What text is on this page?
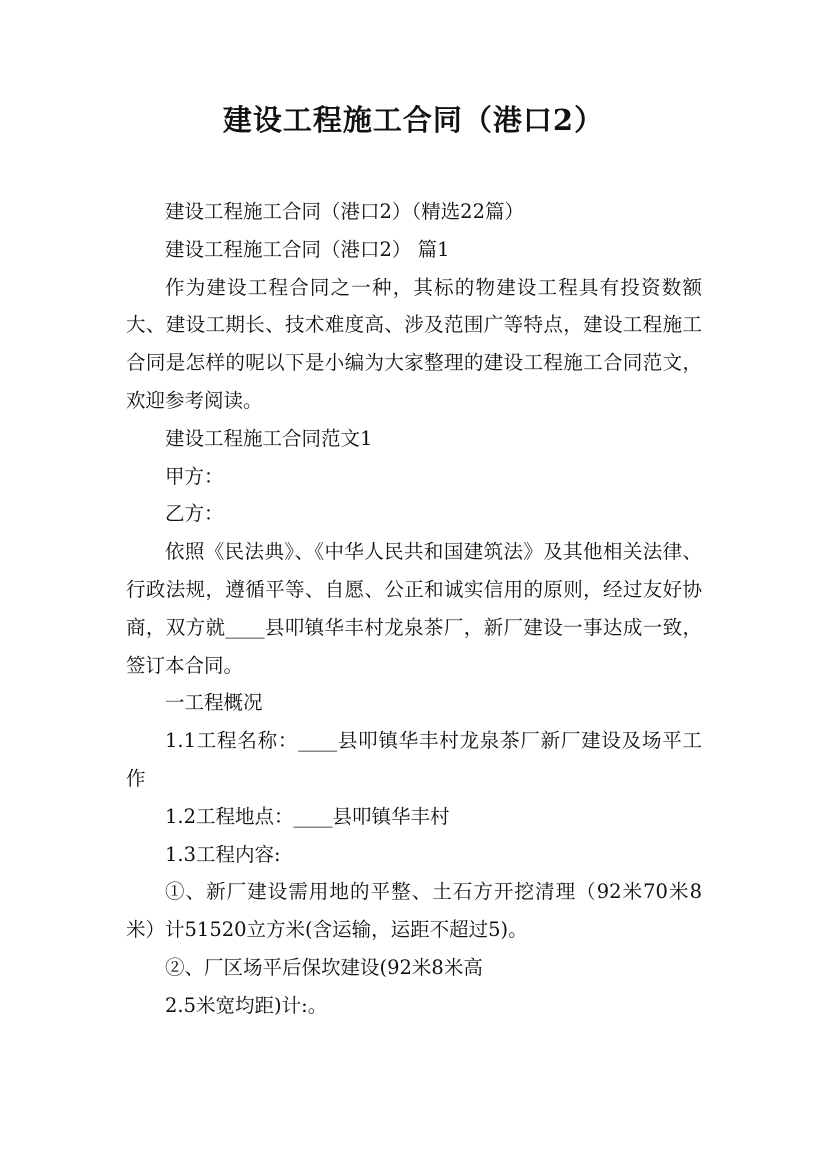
建设工程施工合同（港口2）

建设工程施工合同（港口2）（精选22篇）

建设工程施工合同（港口2） 篇1

作为建设工程合同之一种，其标的物建设工程具有投资数额大、建设工期长、技术难度高、涉及范围广等特点，建设工程施工合同是怎样的呢以下是小编为大家整理的建设工程施工合同范文，欢迎参考阅读。

建设工程施工合同范文1

甲方：

乙方：

依照《民法典》、《中华人民共和国建筑法》及其他相关法律、行政法规，遵循平等、自愿、公正和诚实信用的原则，经过友好协商，双方就____县叩镇华丰村龙泉茶厂，新厂建设一事达成一致，签订本合同。

一工程概况

1.1工程名称：____县叩镇华丰村龙泉茶厂新厂建设及场平工作

1.2工程地点：____县叩镇华丰村

1.3工程内容:

①、新厂建设需用地的平整、土石方开挖清理（92米70米8米）计51520立方米(含运输，运距不超过5)。

②、厂区场平后保坎建设(92米8米高

2.5米宽均距)计:。
